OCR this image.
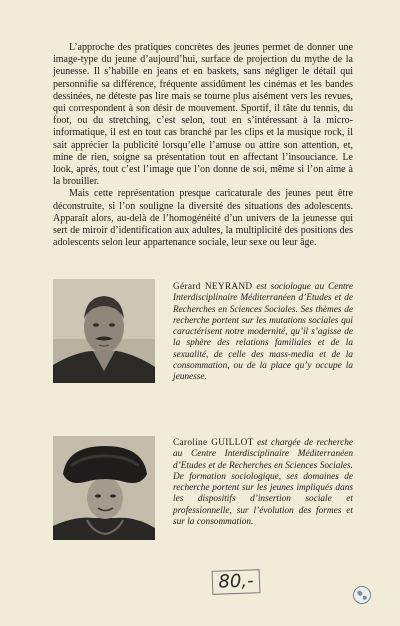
L’approche des pratiques concrètes des jeunes permet de donner une image-type du jeune d’aujourd’hui, surface de projection du mythe de la jeunesse. Il s’habille en jeans et en baskets, sans négliger le détail qui personnifie sa différence, fréquente assidûment les cinémas et les bandes dessinées, ne déteste pas lire mais se tourne plus aisément vers les revues, qui correspondent à son désir de mouvement. Sportif, il tâte du tennis, du foot, ou du stretching, c’est selon, tout en s’intéressant à la micro-informatique, il est en tout cas branché par les clips et la musique rock, il sait apprécier la publicité lorsqu’elle l’amuse ou attire son attention, et, mine de rien, soigne sa présentation tout en affectant l’insouciance. Le look, après, tout c’est l’image que l’on donne de soi, même si l’on aime à la brouiller.

Mais cette représentation presque caricaturale des jeunes peut être déconstruite, si l’on souligne la diversité des situations des adolescents. Apparaît alors, au-delà de l’homogénéité d’un univers de la jeunesse qui sert de miroir d’identification aux adultes, la multiplicité des positions des adolescents selon leur appartenance sociale, leur sexe ou leur âge.

Gérard NEYRAND est sociologue au Centre Interdisciplinaire Méditerranéen d’Etudes et de Recherches en Sciences Sociales. Ses thèmes de recherche portent sur les mutations sociales qui caractérisent notre modernité, qu’il s’agisse de la sphère des relations familiales et de la sexualité, de celle des mass-media et de la consommation, ou de la place qu’y occupe la jeunesse.
Caroline GUILLOT est chargée de recherche au Centre Interdisciplinaire Méditerranéen d’Etudes et de Recherches en Sciences Sociales. De formation sociologique, ses domaines de recherche portent sur les jeunes impliqués dans les dispositifs d’insertion sociale et professionnelle, sur l’évolution des formes et sur la consommation.
80,-
